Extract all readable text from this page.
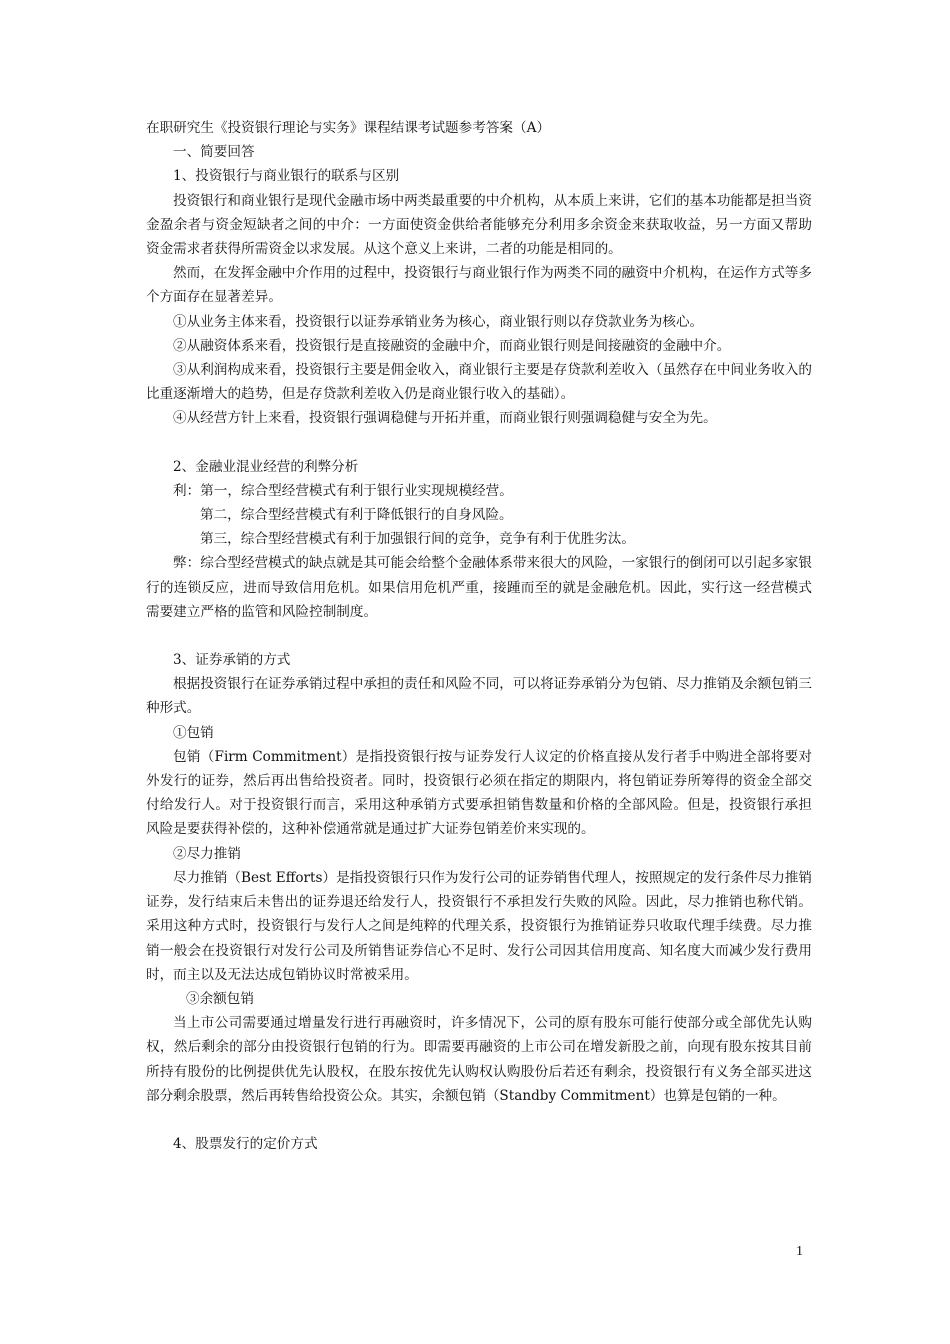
在职研究生《投资银行理论与实务》课程结课考试题参考答案（A）
一、简要回答
1、投资银行与商业银行的联系与区别

投资银行和商业银行是现代金融市场中两类最重要的中介机构，从本质上来讲，它们的基本功能都是担当资金盈余者与资金短缺者之间的中介：一方面使资金供给者能够充分利用多余资金来获取收益，另一方面又帮助资金需求者获得所需资金以求发展。从这个意义上来讲，二者的功能是相同的。

然而，在发挥金融中介作用的过程中，投资银行与商业银行作为两类不同的融资中介机构，在运作方式等多个方面存在显著差异。

①从业务主体来看，投资银行以证券承销业务为核心，商业银行则以存贷款业务为核心。

②从融资体系来看，投资银行是直接融资的金融中介，而商业银行则是间接融资的金融中介。

③从利润构成来看，投资银行主要是佣金收入，商业银行主要是存贷款利差收入（虽然存在中间业务收入的比重逐渐增大的趋势，但是存贷款利差收入仍是商业银行收入的基础）。

④从经营方针上来看，投资银行强调稳健与开拓并重，而商业银行则强调稳健与安全为先。

2、金融业混业经营的利弊分析
利：第一，综合型经营模式有利于银行业实现规模经营。
第二，综合型经营模式有利于降低银行的自身风险。
第三，综合型经营模式有利于加强银行间的竞争，竞争有利于优胜劣汰。

弊：综合型经营模式的缺点就是其可能会给整个金融体系带来很大的风险，一家银行的倒闭可以引起多家银行的连锁反应，进而导致信用危机。如果信用危机严重，接踵而至的就是金融危机。因此，实行这一经营模式需要建立严格的监管和风险控制制度。

3、证券承销的方式

根据投资银行在证券承销过程中承担的责任和风险不同，可以将证券承销分为包销、尽力推销及余额包销三种形式。

①包销

包销（Firm Commitment）是指投资银行按与证券发行人议定的价格直接从发行者手中购进全部将要对外发行的证券，然后再出售给投资者。同时，投资银行必须在指定的期限内，将包销证券所筹得的资金全部交付给发行人。对于投资银行而言，采用这种承销方式要承担销售数量和价格的全部风险。但是，投资银行承担风险是要获得补偿的，这种补偿通常就是通过扩大证券包销差价来实现的。

②尽力推销

尽力推销（Best Efforts）是指投资银行只作为发行公司的证券销售代理人，按照规定的发行条件尽力推销证券，发行结束后未售出的证券退还给发行人，投资银行不承担发行失败的风险。因此，尽力推销也称代销。采用这种方式时，投资银行与发行人之间是纯粹的代理关系，投资银行为推销证券只收取代理手续费。尽力推销一般会在投资银行对发行公司及所销售证券信心不足时、发行公司因其信用度高、知名度大而减少发行费用时，而主以及无法达成包销协议时常被采用。

③余额包销

当上市公司需要通过增量发行进行再融资时，许多情况下，公司的原有股东可能行使部分或全部优先认购权，然后剩余的部分由投资银行包销的行为。即需要再融资的上市公司在增发新股之前，向现有股东按其目前所持有股份的比例提供优先认股权，在股东按优先认购权认购股份后若还有剩余，投资银行有义务全部买进这部分剩余股票，然后再转售给投资公众。其实，余额包销（Standby Commitment）也算是包销的一种。

4、股票发行的定价方式
1
